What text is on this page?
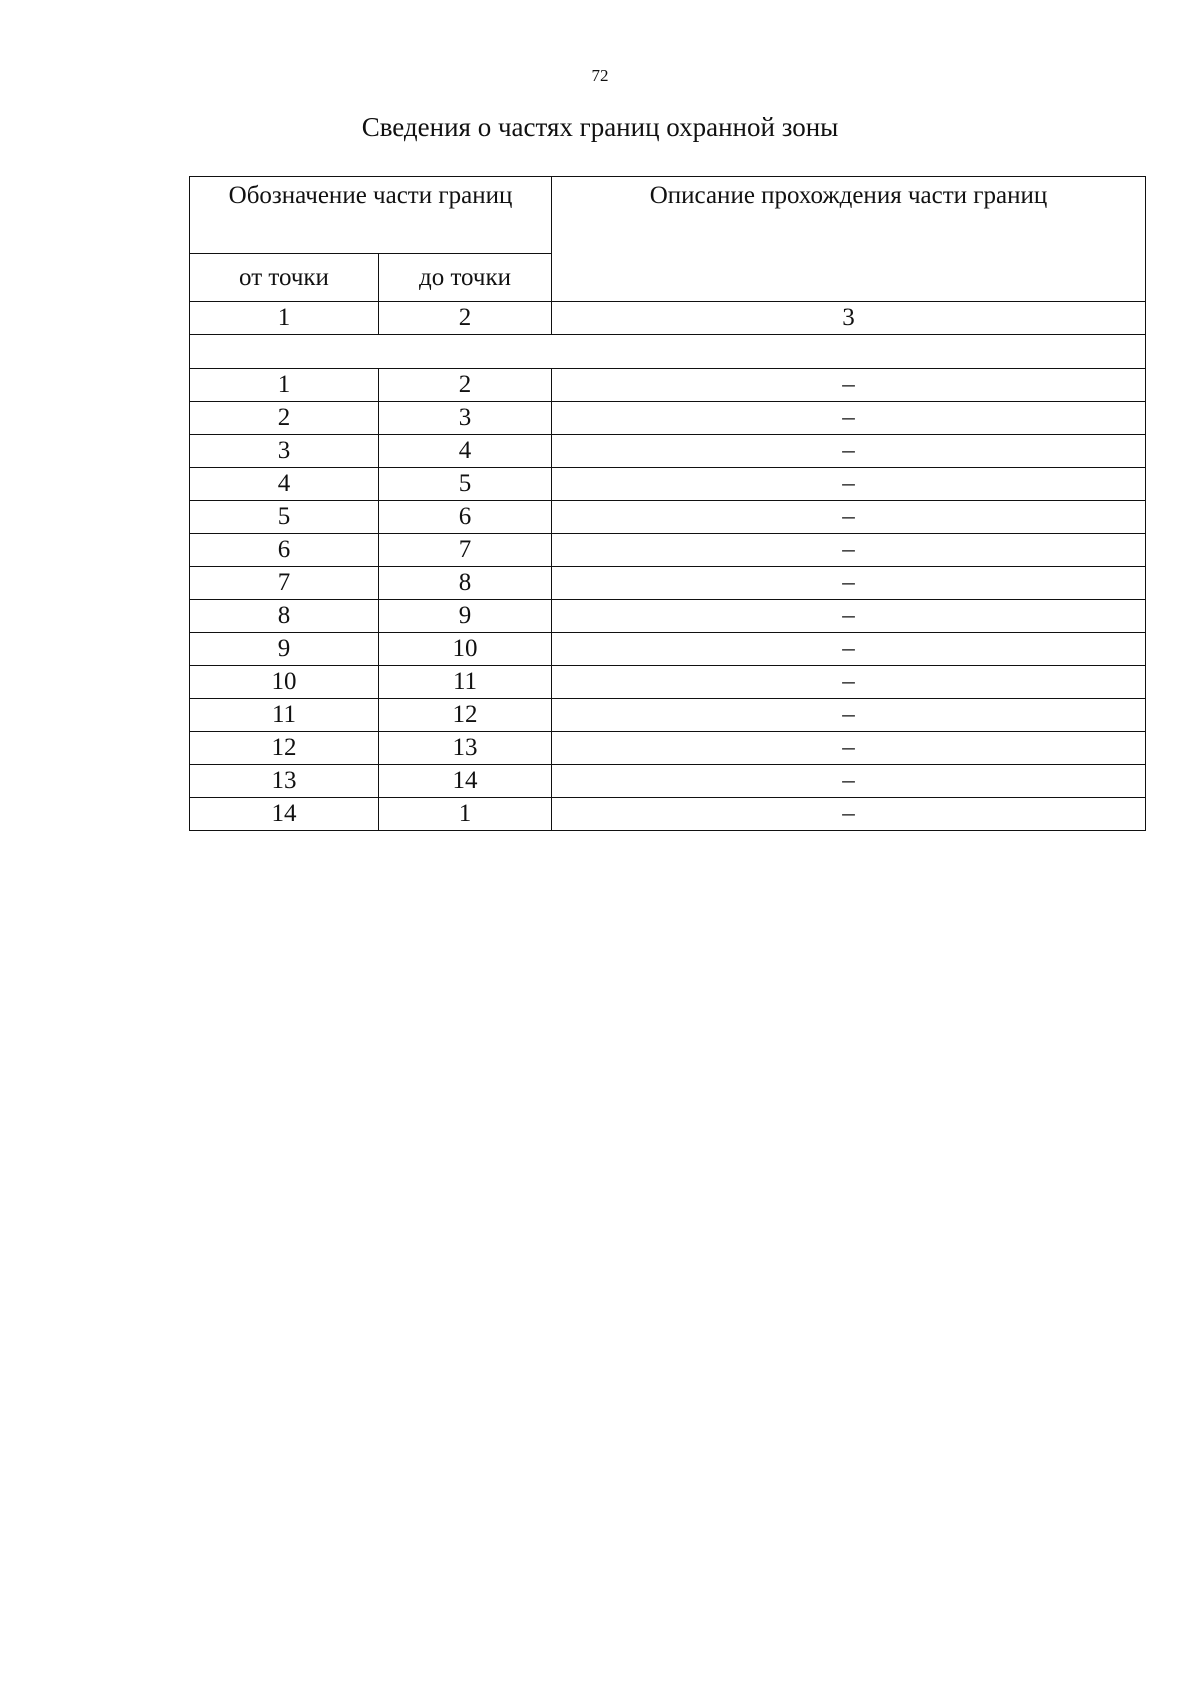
72
Сведения о частях границ охранной зоны
Обозначение части границ		Описание прохождения части границ
от точки	до точки	
1	2	3

1	2	–
2	3	–
3	4	–
4	5	–
5	6	–
6	7	–
7	8	–
8	9	–
9	10	–
10	11	–
11	12	–
12	13	–
13	14	–
14	1	–
